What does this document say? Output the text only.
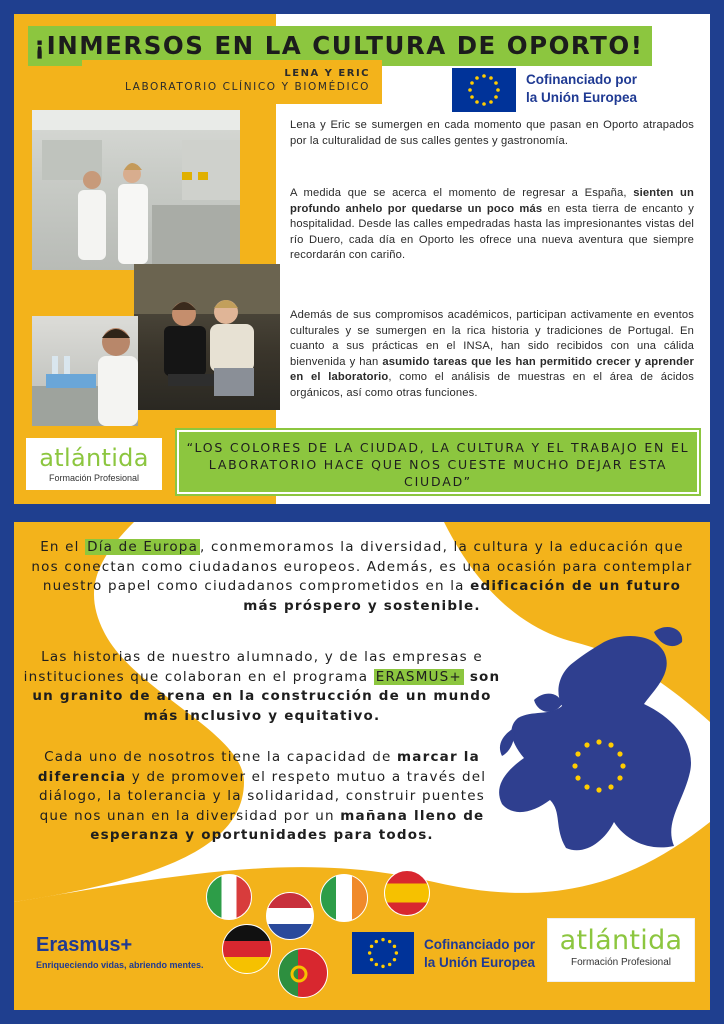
¡INMERSOS EN LA CULTURA DE OPORTO!
LENA Y ERIC
LABORATORIO CLÍNICO Y BIOMÉDICO	Cofinanciado por
la Unión Europea

Lena y Eric se sumergen en cada momento que pasan en Oporto atrapados por la culturalidad de sus calles gentes y gastronomía.

A medida que se acerca el momento de regresar a España, sienten un profundo anhelo por quedarse un poco más en esta tierra de encanto y hospitalidad. Desde las calles empedradas hasta las impresionantes vistas del río Duero, cada día en Oporto les ofrece una nueva aventura que siempre recordarán con cariño.

Además de sus compromisos académicos, participan activamente en eventos culturales y se sumergen en la rica historia y tradiciones de Portugal. En cuanto a sus prácticas en el INSA, han sido recibidos con una cálida bienvenida y han asumido tareas que les han permitido crecer y aprender en el laboratorio, como el análisis de muestras en el área de ácidos orgánicos, así como otras funciones.

atlántida
Formación Profesional
“LOS COLORES DE LA CIUDAD, LA CULTURA Y EL TRABAJO EN EL LABORATORIO HACE QUE NOS CUESTE MUCHO DEJAR ESTA CIUDAD”

En el Día de Europa , conmemoramos la diversidad, la cultura y la educación que nos conectan como ciudadanos europeos. Además, es una ocasión para contemplar nuestro papel como ciudadanos comprometidos en la edificación de un futuro más próspero y sostenible.

Las historias de nuestro alumnado, y de las empresas e instituciones que colaboran en el programa ERASMUS+ son un granito de arena en la construcción de un mundo más inclusivo y equitativo.

Cada uno de nosotros tiene la capacidad de marcar la diferencia y de promover el respeto mutuo a través del diálogo, la tolerancia y la solidaridad, construir puentes que nos unan en la diversidad por un mañana lleno de esperanza y oportunidades para todos.

Erasmus+
Enriqueciendo vidas, abriendo mentes.
Cofinanciado por
la Unión Europea
atlántida
Formación Profesional
